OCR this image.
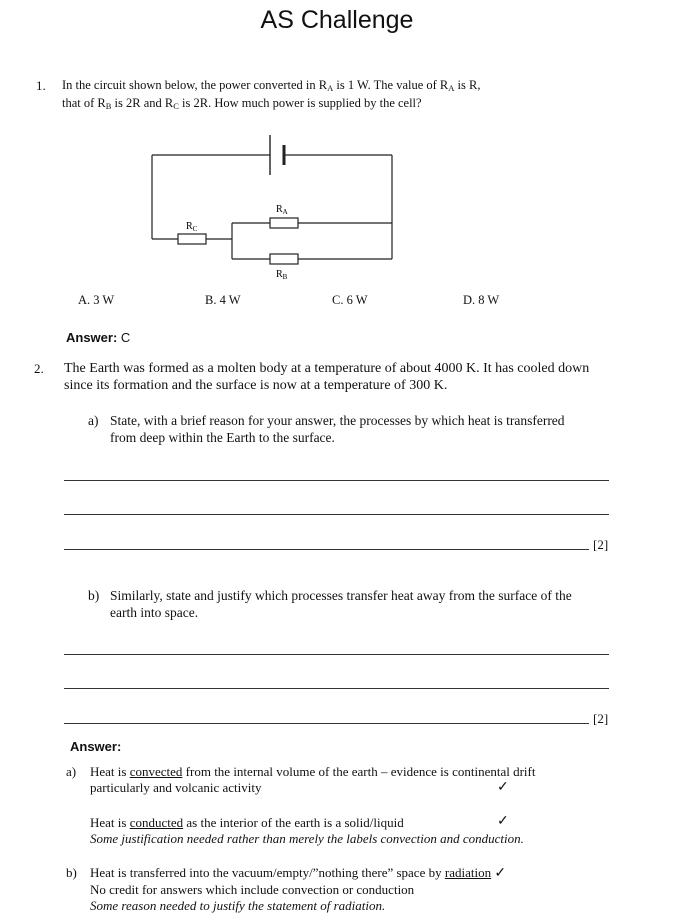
AS Challenge
1. In the circuit shown below, the power converted in $R_A$ is 1 W. The value of $R_A$ is R,
that of $R_B$ is 2R and $R_C$ is 2R. How much power is supplied by the cell?
$R_A$
$R_C$
$R_B$
A. 3 W	B. 4 W	C. 6 W	D. 8 W
Answer: C
2. The Earth was formed as a molten body at a temperature of about 4000 K. It has cooled down
since its formation and the surface is now at a temperature of 300 K.
a) State, with a brief reason for your answer, the processes by which heat is transferred
from deep within the Earth to the surface.
[2]
b) Similarly, state and justify which processes transfer heat away from the surface of the
earth into space.
[2]
Answer:
a) Heat is convected from the internal volume of the earth – evidence is continental drift
particularly and volcanic activity	✓
Heat is conducted as the interior of the earth is a solid/liquid
Some justification needed rather than merely the labels convection and conduction.
✓
b) Heat is transferred into the vacuum/empty/”nothing there” space by radiation ✓
No credit for answers which include convection or conduction
Some reason needed to justify the statement of radiation.
